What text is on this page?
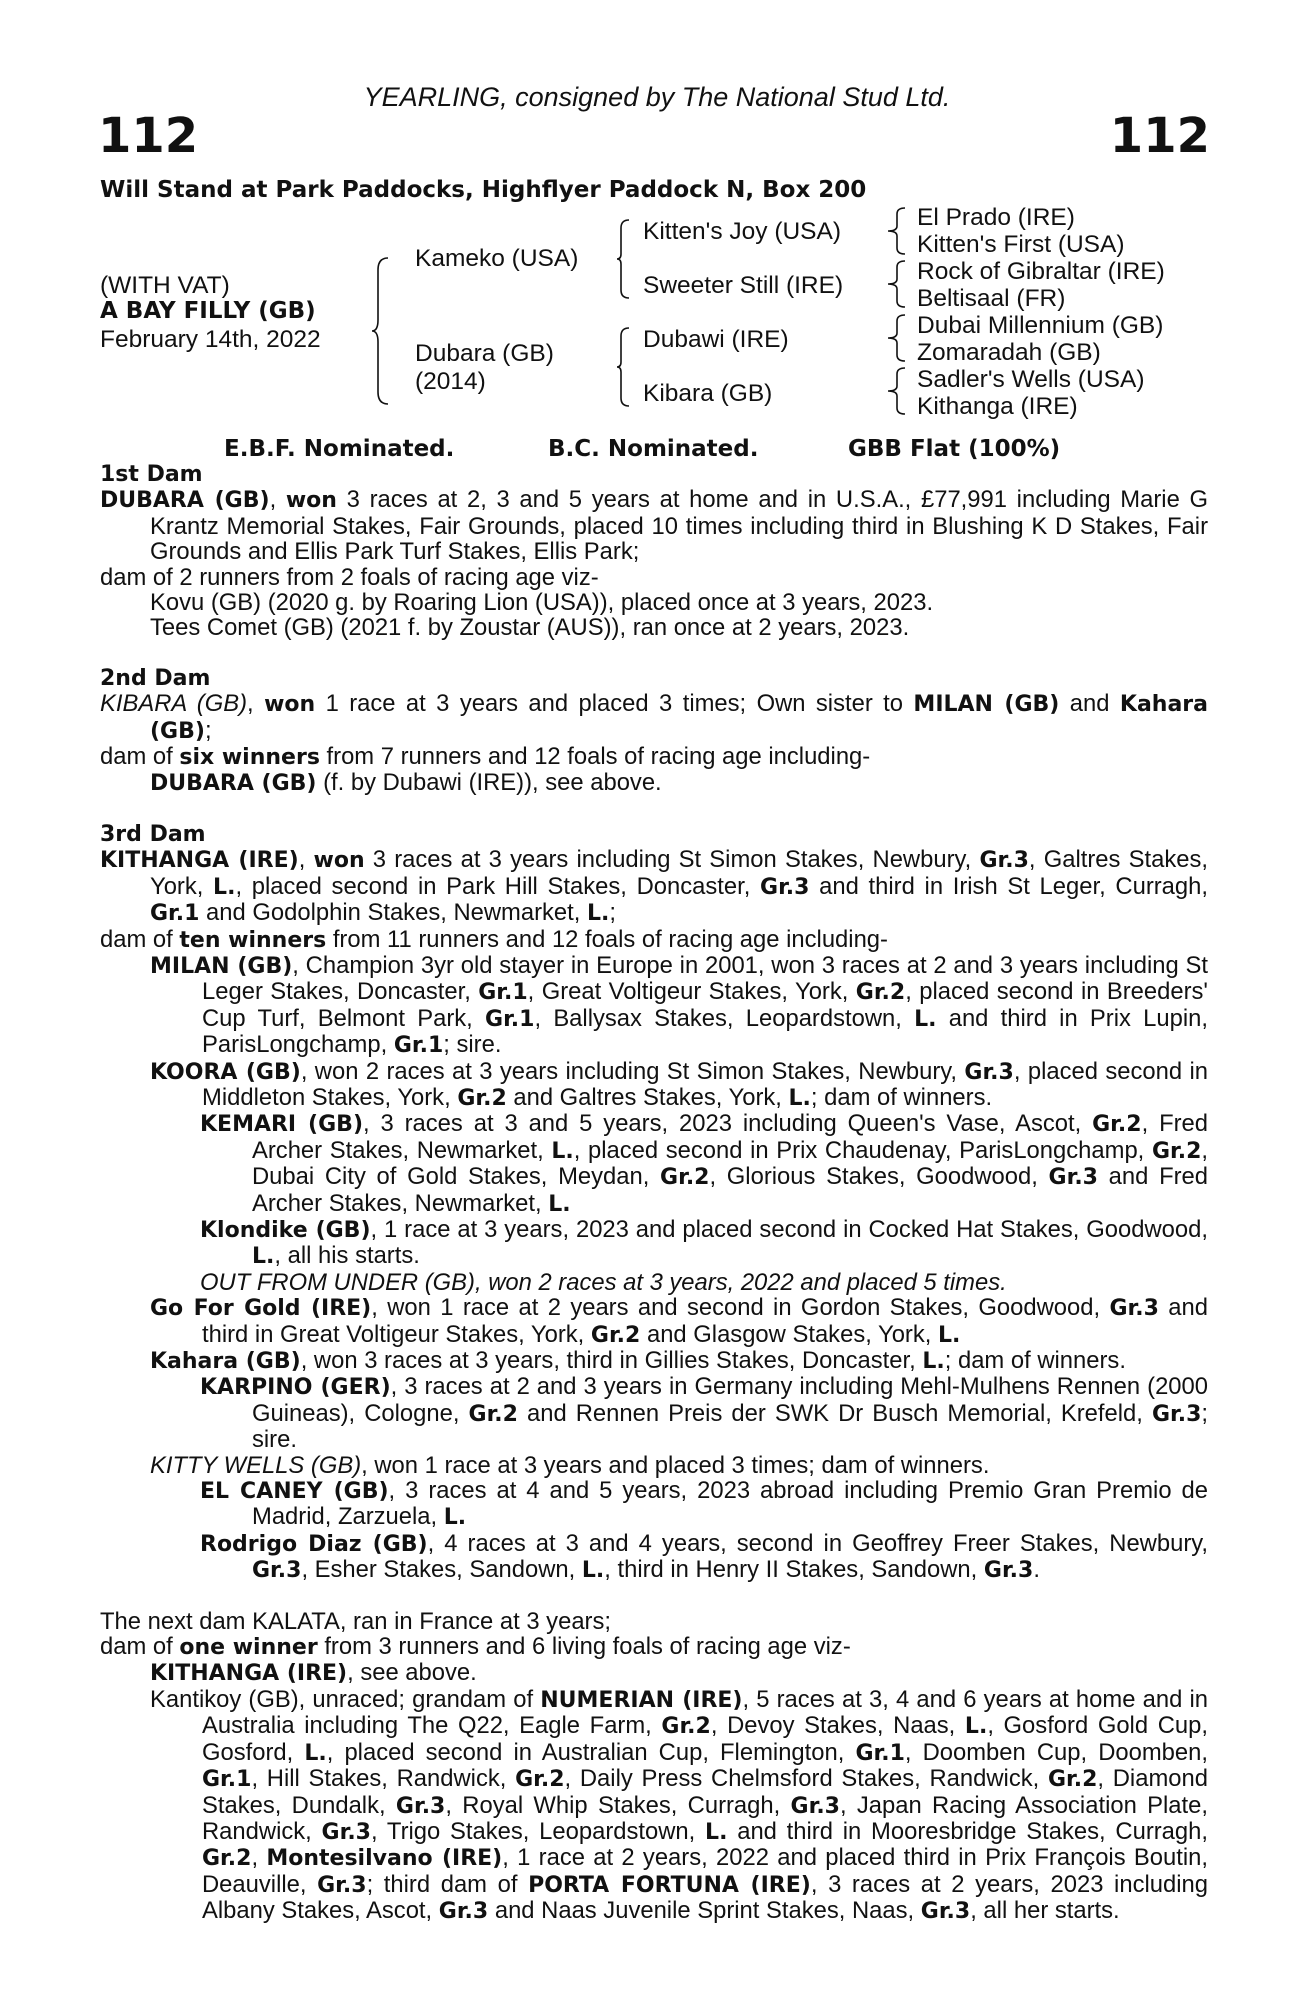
YEARLING, consigned by The National Stud Ltd.
112	112
Will Stand at Park Paddocks, Highflyer Paddock N, Box 200
(WITH VAT)
A BAY FILLY (GB)
February 14th, 2022
Kameko (USA)
Dubara (GB)
(2014)
Kitten's Joy (USA)
Sweeter Still (IRE)
Dubawi (IRE)
Kibara (GB)
El Prado (IRE)
Kitten's First (USA)
Rock of Gibraltar (IRE)
Beltisaal (FR)
Dubai Millennium (GB)
Zomaradah (GB)
Sadler's Wells (USA)
Kithanga (IRE)
E.B.F. Nominated.	B.C. Nominated.	GBB Flat (100%)

1st Dam

DUBARA (GB), won 3 races at 2, 3 and 5 years at home and in U.S.A., £77,991 including Marie G Krantz Memorial Stakes, Fair Grounds, placed 10 times including third in Blushing K D Stakes, Fair Grounds and Ellis Park Turf Stakes, Ellis Park;

dam of 2 runners from 2 foals of racing age viz-

Kovu (GB) (2020 g. by Roaring Lion (USA)), placed once at 3 years, 2023.

Tees Comet (GB) (2021 f. by Zoustar (AUS)), ran once at 2 years, 2023.

2nd Dam

KIBARA (GB), won 1 race at 3 years and placed 3 times; Own sister to MILAN (GB) and Kahara (GB);

dam of six winners from 7 runners and 12 foals of racing age including-

DUBARA (GB) (f. by Dubawi (IRE)), see above.

3rd Dam

KITHANGA (IRE), won 3 races at 3 years including St Simon Stakes, Newbury, Gr.3, Galtres Stakes, York, L., placed second in Park Hill Stakes, Doncaster, Gr.3 and third in Irish St Leger, Curragh, Gr.1 and Godolphin Stakes, Newmarket, L.;

dam of ten winners from 11 runners and 12 foals of racing age including-

MILAN (GB), Champion 3yr old stayer in Europe in 2001, won 3 races at 2 and 3 years including St Leger Stakes, Doncaster, Gr.1, Great Voltigeur Stakes, York, Gr.2, placed second in Breeders' Cup Turf, Belmont Park, Gr.1, Ballysax Stakes, Leopardstown, L. and third in Prix Lupin, ParisLongchamp, Gr.1; sire.

KOORA (GB), won 2 races at 3 years including St Simon Stakes, Newbury, Gr.3, placed second in Middleton Stakes, York, Gr.2 and Galtres Stakes, York, L.; dam of winners.

KEMARI (GB), 3 races at 3 and 5 years, 2023 including Queen's Vase, Ascot, Gr.2, Fred Archer Stakes, Newmarket, L., placed second in Prix Chaudenay, ParisLongchamp, Gr.2, Dubai City of Gold Stakes, Meydan, Gr.2, Glorious Stakes, Goodwood, Gr.3 and Fred Archer Stakes, Newmarket, L.

Klondike (GB), 1 race at 3 years, 2023 and placed second in Cocked Hat Stakes, Goodwood, L., all his starts.

OUT FROM UNDER (GB), won 2 races at 3 years, 2022 and placed 5 times.

Go For Gold (IRE), won 1 race at 2 years and second in Gordon Stakes, Goodwood, Gr.3 and third in Great Voltigeur Stakes, York, Gr.2 and Glasgow Stakes, York, L.

Kahara (GB), won 3 races at 3 years, third in Gillies Stakes, Doncaster, L.; dam of winners.

KARPINO (GER), 3 races at 2 and 3 years in Germany including Mehl-Mulhens Rennen (2000 Guineas), Cologne, Gr.2 and Rennen Preis der SWK Dr Busch Memorial, Krefeld, Gr.3; sire.

KITTY WELLS (GB), won 1 race at 3 years and placed 3 times; dam of winners.

EL CANEY (GB), 3 races at 4 and 5 years, 2023 abroad including Premio Gran Premio de Madrid, Zarzuela, L.

Rodrigo Diaz (GB), 4 races at 3 and 4 years, second in Geoffrey Freer Stakes, Newbury, Gr.3, Esher Stakes, Sandown, L., third in Henry II Stakes, Sandown, Gr.3.

The next dam KALATA, ran in France at 3 years;

dam of one winner from 3 runners and 6 living foals of racing age viz-

KITHANGA (IRE), see above.

Kantikoy (GB), unraced; grandam of NUMERIAN (IRE), 5 races at 3, 4 and 6 years at home and in Australia including The Q22, Eagle Farm, Gr.2, Devoy Stakes, Naas, L., Gosford Gold Cup, Gosford, L., placed second in Australian Cup, Flemington, Gr.1, Doomben Cup, Doomben, Gr.1, Hill Stakes, Randwick, Gr.2, Daily Press Chelmsford Stakes, Randwick, Gr.2, Diamond Stakes, Dundalk, Gr.3, Royal Whip Stakes, Curragh, Gr.3, Japan Racing Association Plate, Randwick, Gr.3, Trigo Stakes, Leopardstown, L. and third in Mooresbridge Stakes, Curragh, Gr.2, Montesilvano (IRE), 1 race at 2 years, 2022 and placed third in Prix François Boutin, Deauville, Gr.3; third dam of PORTA FORTUNA (IRE), 3 races at 2 years, 2023 including Albany Stakes, Ascot, Gr.3 and Naas Juvenile Sprint Stakes, Naas, Gr.3, all her starts.
